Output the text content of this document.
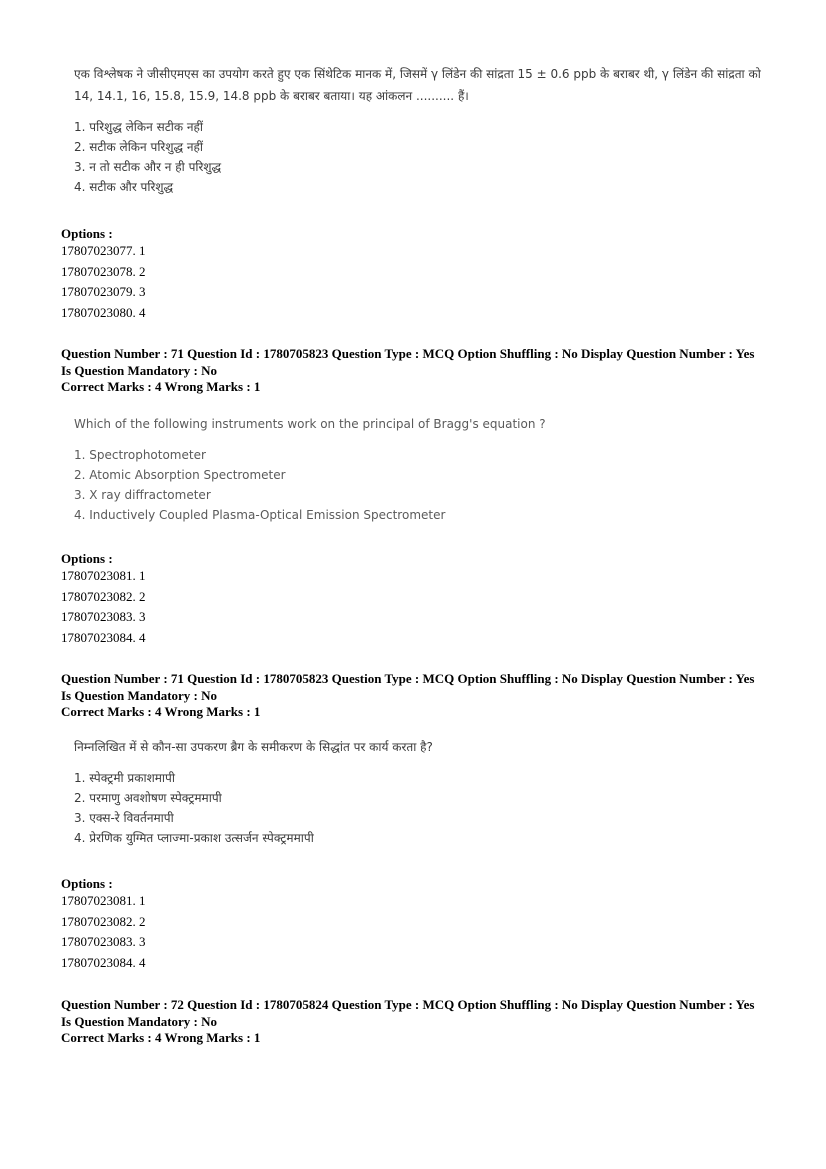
एक विश्लेषक ने जीसीएमएस का उपयोग करते हुए एक सिंथेटिक मानक में, जिसमें γ लिंडेन की सांद्रता 15 ± 0.6 ppb के बराबर थी, γ लिंडेन की सांद्रता को 14, 14.1, 16, 15.8, 15.9, 14.8 ppb के बराबर बताया। यह आंकलन .......... हैं।

1. परिशुद्ध लेकिन सटीक नहीं
2. सटीक लेकिन परिशुद्ध नहीं
3. न तो सटीक और न ही परिशुद्ध
4. सटीक और परिशुद्ध
Options :
17807023077. 1
17807023078. 2
17807023079. 3
17807023080. 4
Question Number : 71 Question Id : 1780705823 Question Type : MCQ Option Shuffling : No Display Question Number : Yes
Is Question Mandatory : No
Correct Marks : 4 Wrong Marks : 1

Which of the following instruments work on the principal of Bragg's equation ?

1. Spectrophotometer
2. Atomic Absorption Spectrometer
3. X ray diffractometer
4. Inductively Coupled Plasma-Optical Emission Spectrometer
Options :
17807023081. 1
17807023082. 2
17807023083. 3
17807023084. 4
Question Number : 71 Question Id : 1780705823 Question Type : MCQ Option Shuffling : No Display Question Number : Yes
Is Question Mandatory : No
Correct Marks : 4 Wrong Marks : 1

निम्नलिखित में से कौन-सा उपकरण ब्रैग के समीकरण के सिद्धांत पर कार्य करता है?

1. स्पेक्ट्रमी प्रकाशमापी
2. परमाणु अवशोषण स्पेक्ट्रममापी
3. एक्स-रे विवर्तनमापी
4. प्रेरणिक युग्मित प्लाज्मा-प्रकाश उत्सर्जन स्पेक्ट्रममापी
Options :
17807023081. 1
17807023082. 2
17807023083. 3
17807023084. 4
Question Number : 72 Question Id : 1780705824 Question Type : MCQ Option Shuffling : No Display Question Number : Yes
Is Question Mandatory : No
Correct Marks : 4 Wrong Marks : 1
